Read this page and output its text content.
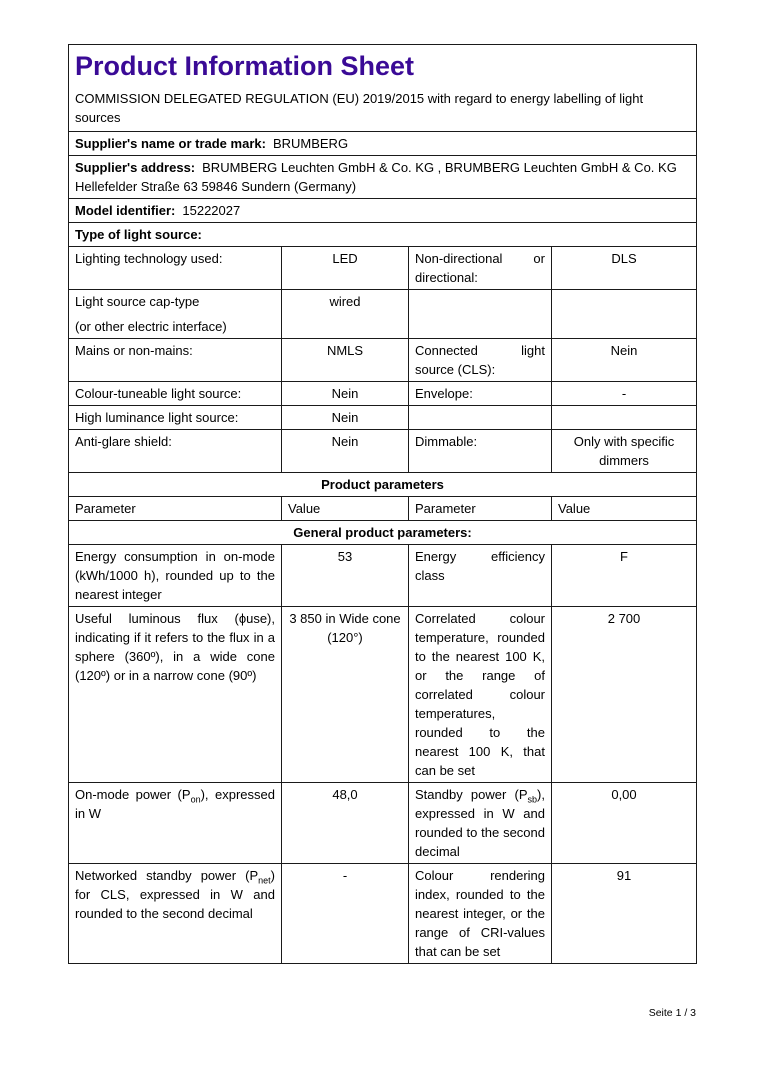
Product Information Sheet
COMMISSION DELEGATED REGULATION (EU) 2019/2015 with regard to energy labelling of light sources			

Supplier's name or trade mark: BRUMBERG			
Supplier's address: BRUMBERG Leuchten GmbH & Co. KG , BRUMBERG Leuchten GmbH & Co. KG Hellefelder Straße 63 59846 Sundern (Germany)			
Model identifier: 15222027			
Type of light source:			
Lighting technology used:	LED	Non-directional or directional:	DLS

Light source cap-type
(or other electric interface)	wired		
Mains or non-mains:	NMLS	Connected light source (CLS):	Nein
Colour-tuneable light source:	Nein	Envelope:	-
High luminance light source:	Nein		
Anti-glare shield:	Nein	Dimmable:	Only with specific dimmers
Product parameters			
Parameter	Value	Parameter	Value
General product parameters:			
Energy consumption in on-mode (kWh/1000 h), rounded up to the nearest integer	53	Energy efficiency class	F
Useful luminous flux (ϕuse), indicating if it refers to the flux in a sphere (360º), in a wide cone (120º) or in a narrow cone (90º)	3 850 in Wide cone (120°)	Correlated colour temperature, rounded to the nearest 100 K, or the range of correlated colour temperatures, rounded to the nearest 100 K, that can be set	2 700
On-mode power $(P_{on})$, expressed in W	48,0	Standby power $(P_{sb})$, expressed in W and rounded to the second decimal	0,00
Networked standby power $(P_{net})$ for CLS, expressed in W and rounded to the second decimal	-	Colour rendering index, rounded to the nearest integer, or the range of CRI-values that can be set	91
Seite 1 / 3
